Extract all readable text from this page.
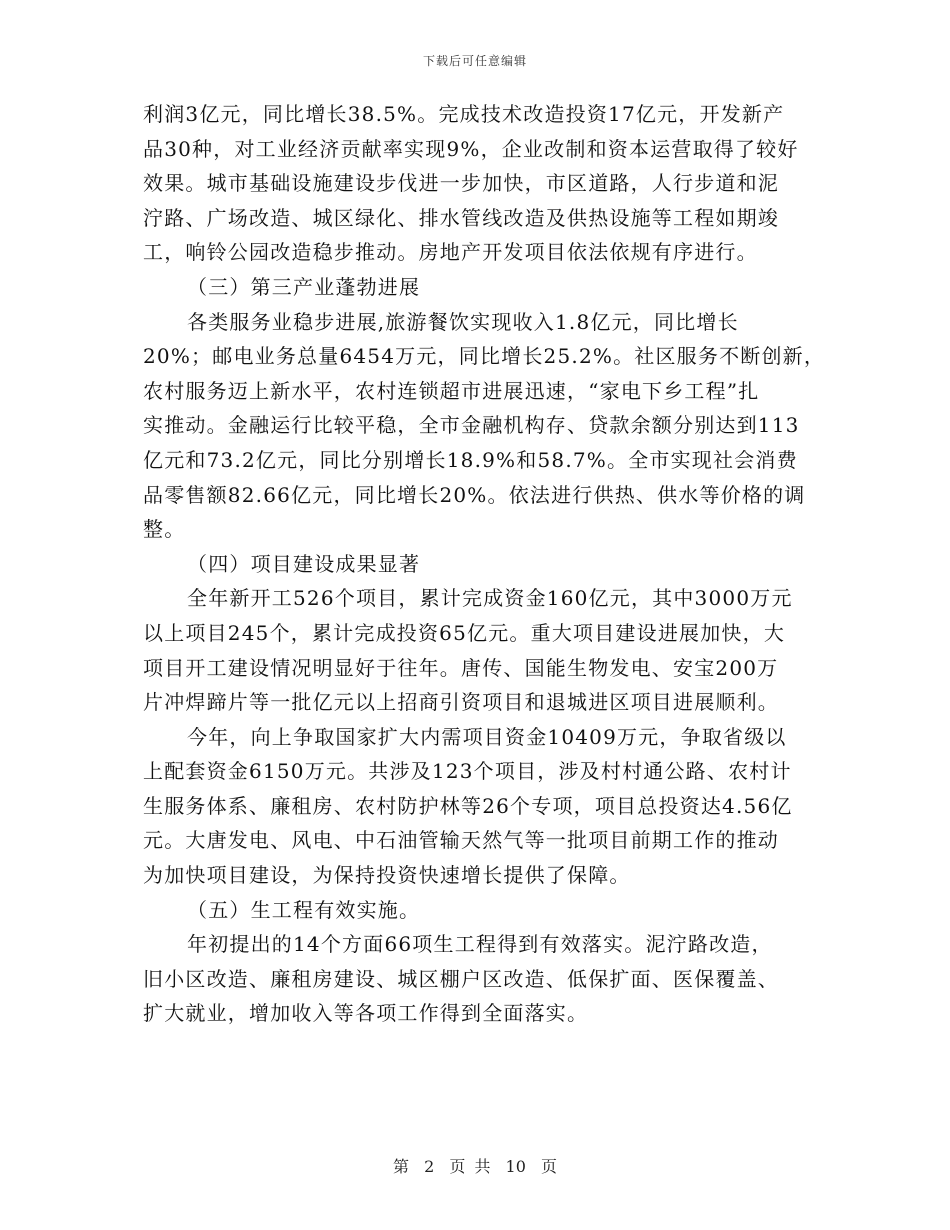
下载后可任意编辑
利润3亿元，同比增长38.5%。完成技术改造投资17亿元，开发新产
品30种，对工业经济贡献率实现9%，企业改制和资本运营取得了较好
效果。城市基础设施建设步伐进一步加快，市区道路，人行步道和泥
泞路、广场改造、城区绿化、排水管线改造及供热设施等工程如期竣
工，响铃公园改造稳步推动。房地产开发项目依法依规有序进行。
（三）第三产业蓬勃进展
各类服务业稳步进展,旅游餐饮实现收入1.8亿元，同比增长
20%；邮电业务总量6454万元，同比增长25.2%。社区服务不断创新，
农村服务迈上新水平，农村连锁超市进展迅速，“家电下乡工程”扎
实推动。金融运行比较平稳，全市金融机构存、贷款余额分别达到113
亿元和73.2亿元，同比分别增长18.9%和58.7%。全市实现社会消费
品零售额82.66亿元，同比增长20%。依法进行供热、供水等价格的调
整。
（四）项目建设成果显著
全年新开工526个项目，累计完成资金160亿元，其中3000万元
以上项目245个，累计完成投资65亿元。重大项目建设进展加快，大
项目开工建设情况明显好于往年。唐传、国能生物发电、安宝200万
片冲焊蹄片等一批亿元以上招商引资项目和退城进区项目进展顺利。
今年，向上争取国家扩大内需项目资金10409万元，争取省级以
上配套资金6150万元。共涉及123个项目，涉及村村通公路、农村计
生服务体系、廉租房、农村防护林等26个专项，项目总投资达4.56亿
元。大唐发电、风电、中石油管输天然气等一批项目前期工作的推动
为加快项目建设，为保持投资快速增长提供了保障。
（五）生工程有效实施。
年初提出的14个方面66项生工程得到有效落实。泥泞路改造，
旧小区改造、廉租房建设、城区棚户区改造、低保扩面、医保覆盖、
扩大就业，增加收入等各项工作得到全面落实。
第 2 页 共 10 页
